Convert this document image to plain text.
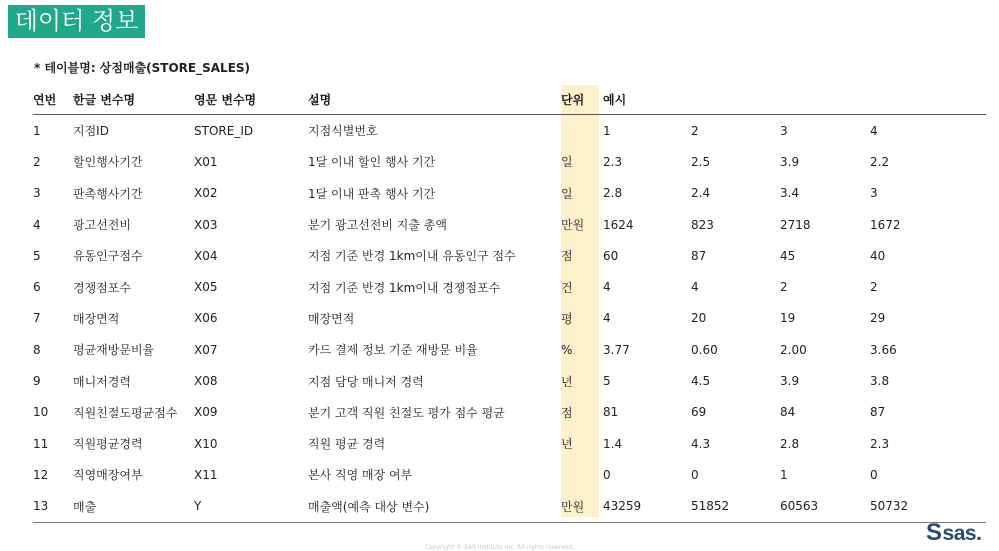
데이터 정보
* 테이블명: 상점매출(STORE_SALES)
연번	한글 변수명	영문 변수명	설명	단위	예시			
1	지점ID	STORE_ID	지점식별번호		1	2	3	4
2	할인행사기간	X01	1달 이내 할인 행사 기간	일	2.3	2.5	3.9	2.2
3	판촉행사기간	X02	1달 이내 판촉 행사 기간	일	2.8	2.4	3.4	3
4	광고선전비	X03	분기 광고선전비 지출 총액	만원	1624	823	2718	1672
5	유동인구점수	X04	지점 기준 반경 1km이내 유동인구 점수	점	60	87	45	40
6	경쟁점포수	X05	지점 기준 반경 1km이내 경쟁점포수	건	4	4	2	2
7	매장면적	X06	매장면적	평	4	20	19	29
8	평균재방문비율	X07	카드 결제 정보 기준 재방문 비율	%	3.77	0.60	2.00	3.66
9	매니저경력	X08	지점 담당 매니저 경력	년	5	4.5	3.9	3.8
10	직원친절도평균점수	X09	분기 고객 직원 친절도 평가 점수 평균	점	81	69	84	87
11	직원평균경력	X10	직원 평균 경력	년	1.4	4.3	2.8	2.3
12	직영매장여부	X11	본사 직영 매장 여부		0	0	1	0
13	매출	Y	매출액(예측 대상 변수)	만원	43259	51852	60563	50732
Ssas.
Copyright © SAS Institute Inc. All rights reserved.
